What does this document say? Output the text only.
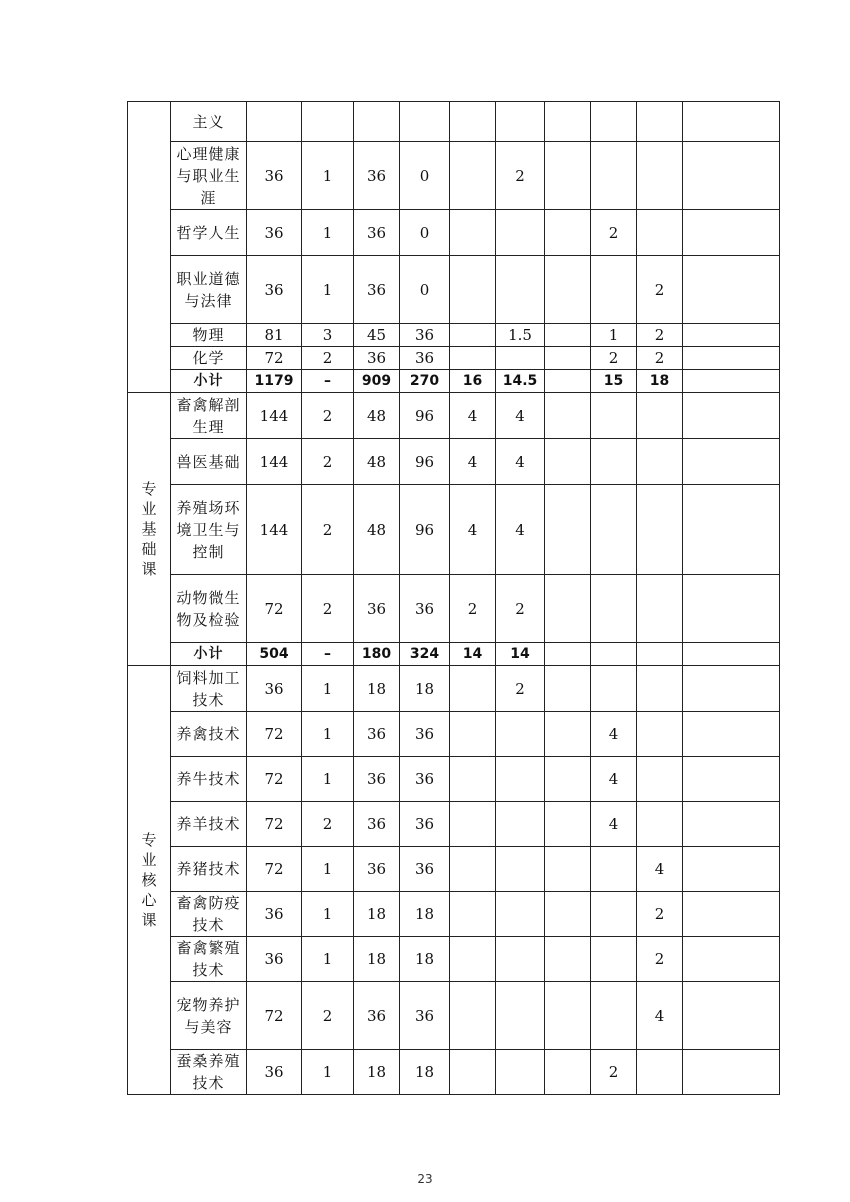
	主义											
	心理健康与职业生涯	36	1	36	0		2					
	哲学人生	36	1	36	0				2			
	职业道德与法律	36	1	36	0					2		
	物理	81	3	45	36		1.5		1	2		
	化学	72	2	36	36				2	2		
	小计	1179	–	909	270	16	14.5		15	18		

专业基础课	畜禽解剖生理	144	2	48	96	4	4					
	兽医基础	144	2	48	96	4	4					
	养殖场环境卫生与控制	144	2	48	96	4	4					
	动物微生物及检验	72	2	36	36	2	2					
	小计	504	–	180	324	14	14					

专业核心课	饲料加工技术	36	1	18	18		2					
	养禽技术	72	1	36	36				4			
	养牛技术	72	1	36	36				4			
	养羊技术	72	2	36	36				4			
	养猪技术	72	1	36	36					4		
	畜禽防疫技术	36	1	18	18					2		
	畜禽繁殖技术	36	1	18	18					2		
	宠物养护与美容	72	2	36	36					4		
	蚕桑养殖技术	36	1	18	18				2			
23
